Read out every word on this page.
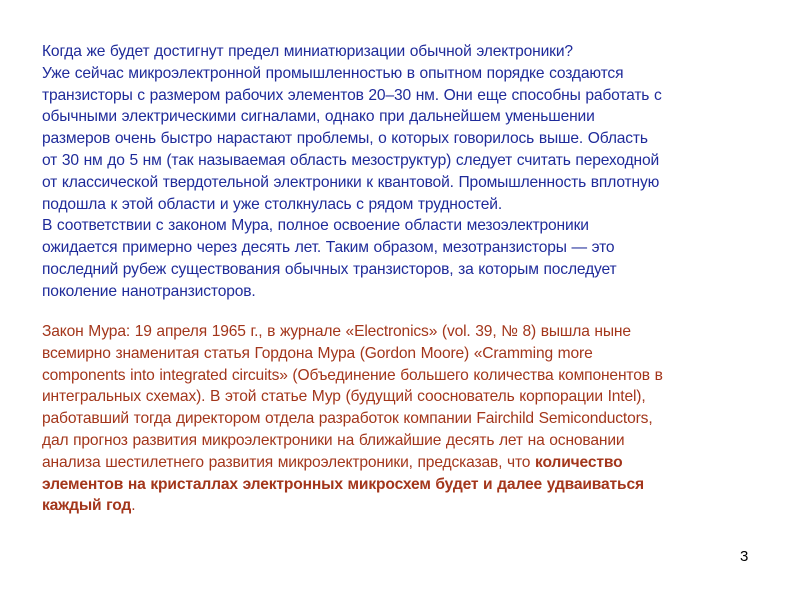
Когда же будет достигнут предел миниатюризации обычной электроники?
Уже сейчас микроэлектронной промышленностью в опытном порядке создаются
транзисторы с размером рабочих элементов 20–30 нм. Они еще способны работать с
обычными электрическими сигналами, однако при дальнейшем уменьшении
размеров очень быстро нарастают проблемы, о которых говорилось выше. Область
от 30 нм до 5 нм (так называемая область мезоструктур) следует считать переходной
от классической твердотельной электроники к квантовой. Промышленность вплотную
подошла к этой области и уже столкнулась с рядом трудностей.
В соответствии с законом Мура, полное освоение области мезоэлектроники
ожидается примерно через десять лет. Таким образом, мезотранзисторы — это
последний рубеж существования обычных транзисторов, за которым последует
поколение нанотранзисторов.
Закон Мура: 19 апреля 1965 г., в журнале «Electronics» (vol. 39, № 8) вышла ныне
всемирно знаменитая статья Гордона Мура (Gordon Moore) «Cramming more
components into integrated circuits» (Объединение большего количества компонентов в
интегральных схемах). В этой статье Мур (будущий сооснователь корпорации Intel),
работавший тогда директором отдела разработок компании Fairchild Semiconductors,
дал прогноз развития микроэлектроники на ближайшие десять лет на основании
анализа шестилетнего развития микроэлектроники, предсказав, что количество
элементов на кристаллах электронных микросхем будет и далее удваиваться
каждый год.
3
